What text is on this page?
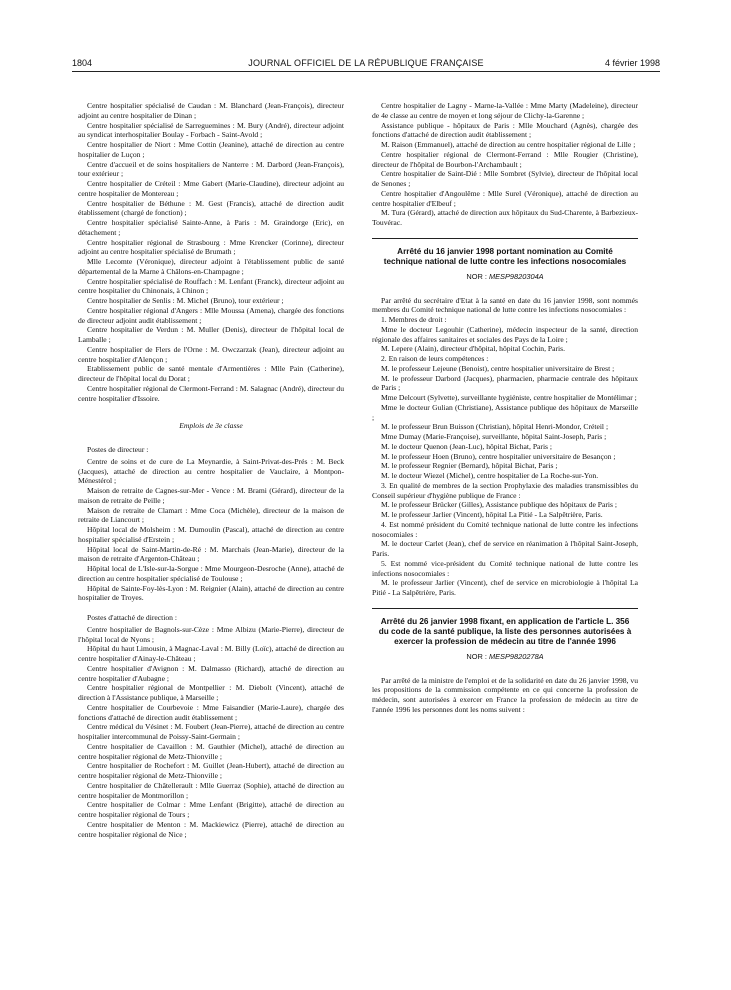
1804	JOURNAL OFFICIEL DE LA RÉPUBLIQUE FRANÇAISE	4 février 1998

Centre hospitalier spécialisé de Caudan : M. Blanchard (Jean-François), directeur adjoint au centre hospitalier de Dinan ;

Centre hospitalier spécialisé de Sarreguemines : M. Bury (André), directeur adjoint au syndicat interhospitalier Boulay - Forbach - Saint-Avold ;

Centre hospitalier de Niort : Mme Cottin (Jeanine), attaché de direction au centre hospitalier de Luçon ;

Centre d'accueil et de soins hospitaliers de Nanterre : M. Darbord (Jean-François), tour extérieur ;

Centre hospitalier de Créteil : Mme Gabert (Marie-Claudine), directeur adjoint au centre hospitalier de Montereau ;

Centre hospitalier de Béthune : M. Gest (Francis), attaché de direction audit établissement (chargé de fonction) ;

Centre hospitalier spécialisé Sainte-Anne, à Paris : M. Graindorge (Eric), en détachement ;

Centre hospitalier régional de Strasbourg : Mme Krencker (Corinne), directeur adjoint au centre hospitalier spécialisé de Brumath ;

Mlle Lecomte (Véronique), directeur adjoint à l'établissement public de santé départemental de la Marne à Châlons-en-Champagne ;

Centre hospitalier spécialisé de Rouffach : M. Lenfant (Franck), directeur adjoint au centre hospitalier du Chinonais, à Chinon ;

Centre hospitalier de Senlis : M. Michel (Bruno), tour extérieur ;

Centre hospitalier régional d'Angers : Mlle Moussa (Amena), chargée des fonctions de directeur adjoint audit établissement ;

Centre hospitalier de Verdun : M. Muller (Denis), directeur de l'hôpital local de Lamballe ;

Centre hospitalier de Flers de l'Orne : M. Owczarzak (Jean), directeur adjoint au centre hospitalier d'Alençon ;

Etablissement public de santé mentale d'Armentières : Mlle Pain (Catherine), directeur de l'hôpital local du Dorat ;

Centre hospitalier régional de Clermont-Ferrand : M. Salagnac (André), directeur du centre hospitalier d'Issoire.

Emplois de 3e classe
Postes de directeur :

Centre de soins et de cure de La Meynardie, à Saint-Privat-des-Prés : M. Beck (Jacques), attaché de direction au centre hospitalier de Vauclaire, à Montpon-Ménestérol ;

Maison de retraite de Cagnes-sur-Mer - Vence : M. Brami (Gérard), directeur de la maison de retraite de Peille ;

Maison de retraite de Clamart : Mme Coca (Michèle), directeur de la maison de retraite de Liancourt ;

Hôpital local de Molsheim : M. Dumoulin (Pascal), attaché de direction au centre hospitalier spécialisé d'Erstein ;

Hôpital local de Saint-Martin-de-Ré : M. Marchais (Jean-Marie), directeur de la maison de retraite d'Argenton-Château ;

Hôpital local de L'Isle-sur-la-Sorgue : Mme Mourgeon-Desroche (Anne), attaché de direction au centre hospitalier spécialisé de Toulouse ;

Hôpital de Sainte-Foy-lès-Lyon : M. Reignier (Alain), attaché de direction au centre hospitalier de Troyes.

Postes d'attaché de direction :

Centre hospitalier de Bagnols-sur-Cèze : Mme Albizu (Marie-Pierre), directeur de l'hôpital local de Nyons ;

Hôpital du haut Limousin, à Magnac-Laval : M. Billy (Loïc), attaché de direction au centre hospitalier d'Ainay-le-Château ;

Centre hospitalier d'Avignon : M. Dalmasso (Richard), attaché de direction au centre hospitalier d'Aubagne ;

Centre hospitalier régional de Montpellier : M. Diebolt (Vincent), attaché de direction à l'Assistance publique, à Marseille ;

Centre hospitalier de Courbevoie : Mme Faisandier (Marie-Laure), chargée des fonctions d'attaché de direction audit établissement ;

Centre médical du Vésinet : M. Foubert (Jean-Pierre), attaché de direction au centre hospitalier intercommunal de Poissy-Saint-Germain ;

Centre hospitalier de Cavaillon : M. Gauthier (Michel), attaché de direction au centre hospitalier régional de Metz-Thionville ;

Centre hospitalier de Rochefort : M. Guillet (Jean-Hubert), attaché de direction au centre hospitalier régional de Metz-Thionville ;

Centre hospitalier de Châtellerault : Mlle Guerraz (Sophie), attaché de direction au centre hospitalier de Montmorillon ;

Centre hospitalier de Colmar : Mme Lenfant (Brigitte), attaché de direction au centre hospitalier régional de Tours ;

Centre hospitalier de Menton : M. Mackiewicz (Pierre), attaché de direction au centre hospitalier régional de Nice ;

Centre hospitalier de Lagny - Marne-la-Vallée : Mme Marty (Madeleine), directeur de 4e classe au centre de moyen et long séjour de Clichy-la-Garenne ;

Assistance publique - hôpitaux de Paris : Mlle Mouchard (Agnès), chargée des fonctions d'attaché de direction audit établissement ;

M. Raison (Emmanuel), attaché de direction au centre hospitalier régional de Lille ;

Centre hospitalier régional de Clermont-Ferrand : Mlle Rougier (Christine), directeur de l'hôpital de Bourbon-l'Archambault ;

Centre hospitalier de Saint-Dié : Mlle Sombret (Sylvie), directeur de l'hôpital local de Senones ;

Centre hospitalier d'Angoulême : Mlle Surel (Véronique), attaché de direction au centre hospitalier d'Elbeuf ;

M. Tura (Gérard), attaché de direction aux hôpitaux du Sud-Charente, à Barbezieux-Touvérac.

Arrêté du 16 janvier 1998 portant nomination au Comité technique national de lutte contre les infections nosocomiales
NOR : MESP9820304A

Par arrêté du secrétaire d'Etat à la santé en date du 16 janvier 1998, sont nommés membres du Comité technique national de lutte contre les infections nosocomiales :

1. Membres de droit :

Mme le docteur Legouhir (Catherine), médecin inspecteur de la santé, direction régionale des affaires sanitaires et sociales des Pays de la Loire ;

M. Lepere (Alain), directeur d'hôpital, hôpital Cochin, Paris.

2. En raison de leurs compétences :

M. le professeur Lejeune (Benoist), centre hospitalier universitaire de Brest ;

M. le professeur Darbord (Jacques), pharmacien, pharmacie centrale des hôpitaux de Paris ;

Mme Delcourt (Sylvette), surveillante hygiéniste, centre hospitalier de Montélimar ;

Mme le docteur Gulian (Christiane), Assistance publique des hôpitaux de Marseille ;

M. le professeur Brun Buisson (Christian), hôpital Henri-Mondor, Créteil ;

Mme Dumay (Marie-Françoise), surveillante, hôpital Saint-Joseph, Paris ;

M. le docteur Quenon (Jean-Luc), hôpital Bichat, Paris ;

M. le professeur Hoen (Bruno), centre hospitalier universitaire de Besançon ;

M. le professeur Regnier (Bernard), hôpital Bichat, Paris ;

M. le docteur Wiezel (Michel), centre hospitalier de La Roche-sur-Yon.

3. En qualité de membres de la section Prophylaxie des maladies transmissibles du Conseil supérieur d'hygiène publique de France :

M. le professeur Brücker (Gilles), Assistance publique des hôpitaux de Paris ;

M. le professeur Jarlier (Vincent), hôpital La Pitié - La Salpêtrière, Paris.

4. Est nommé président du Comité technique national de lutte contre les infections nosocomiales :

M. le docteur Carlet (Jean), chef de service en réanimation à l'hôpital Saint-Joseph, Paris.

5. Est nommé vice-président du Comité technique national de lutte contre les infections nosocomiales :

M. le professeur Jarlier (Vincent), chef de service en microbiologie à l'hôpital La Pitié - La Salpêtrière, Paris.

Arrêté du 26 janvier 1998 fixant, en application de l'article L. 356 du code de la santé publique, la liste des personnes autorisées à exercer la profession de médecin au titre de l'année 1996
NOR : MESP9820278A

Par arrêté de la ministre de l'emploi et de la solidarité en date du 26 janvier 1998, vu les propositions de la commission compétente en ce qui concerne la profession de médecin, sont autorisées à exercer en France la profession de médecin au titre de l'année 1996 les personnes dont les noms suivent :
